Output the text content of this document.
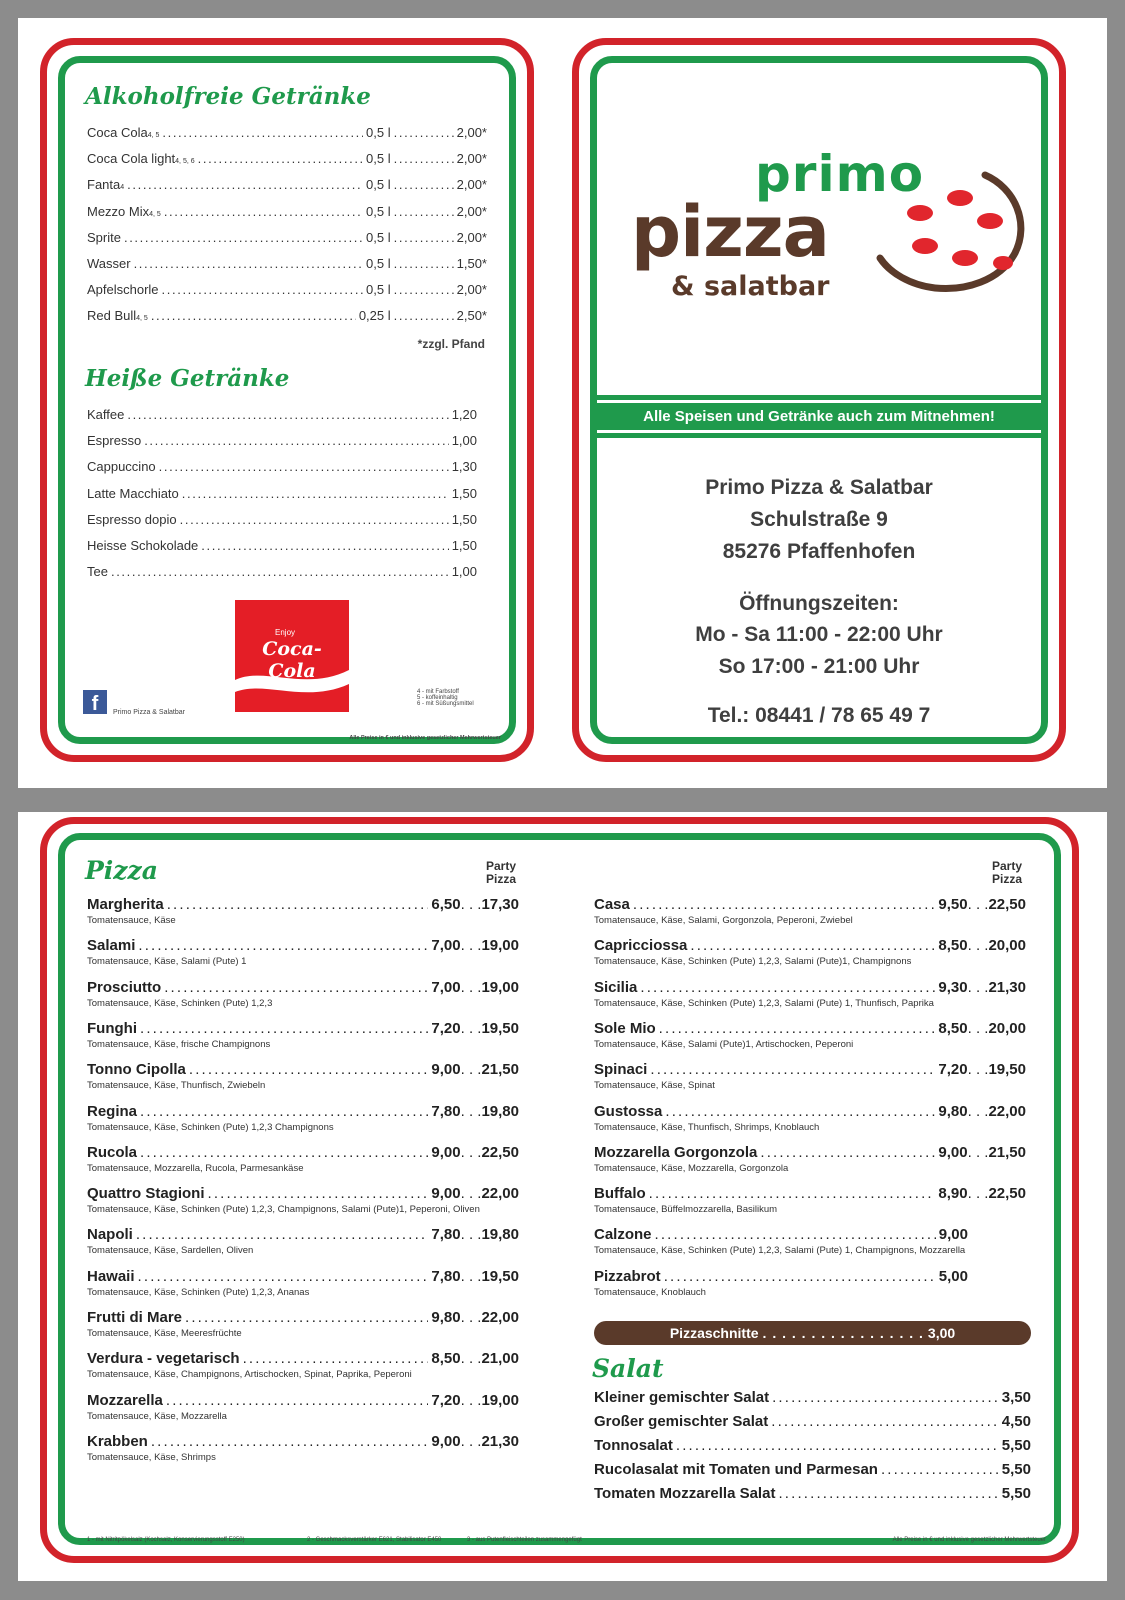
Alkoholfreie Getränke
Coca Cola$_{4, 5}$ . . .	0,5 l . . .	2,00*
Coca Cola light$_{4, 5, 6}$ . . .	0,5 l . . .	2,00*
Fanta$_4$ . . .	0,5 l . . .	2,00*
Mezzo Mix$_{4, 5}$ . . .	0,5 l . . .	2,00*
Sprite . . .	0,5 l . . .	2,00*
Wasser . . .	0,5 l . . .	1,50*
Apfelschorle . . .	0,5 l . . .	2,00*
Red Bull$_{4, 5}$ . . .	0,25 l . . .	2,50*
*zzgl. Pfand
Heiße Getränke
Kaffee . . .	1,20
Espresso . . .	1,00
Cappuccino . . .	1,30
Latte Macchiato . . .	1,50
Espresso dopio . . .	1,50
Heisse Schokolade . . .	1,50
Tee . . .	1,00
Enjoy
Coca-Cola
f	Primo Pizza & Salatbar
4 - mit Farbstoff
5 - koffeinhaltig
6 - mit Süßungsmittel
Alle Preise in € und inklusive gesetzlicher Mehrwertsteuer
primo
pizza
& salatbar
Alle Speisen und Getränke auch zum Mitnehmen!
Primo Pizza & Salatbar
Schulstraße 9
85276 Pfaffenhofen
Öffnungszeiten:
Mo - Sa 11:00 - 22:00 Uhr
So 17:00 - 21:00 Uhr
Tel.: 08441 / 78 65 49 7
Pizza	Party
Pizza
Party
Pizza
Margherita . . .	6,50 . . . 17,30
Tomatensauce, Käse
Salami . . .	7,00 . . . 19,00
Tomatensauce, Käse, Salami (Pute) 1
Prosciutto . . .	7,00 . . . 19,00
Tomatensauce, Käse, Schinken (Pute) 1,2,3
Funghi . . .	7,20 . . . 19,50
Tomatensauce, Käse, frische Champignons
Tonno Cipolla . . .	9,00 . . . 21,50
Tomatensauce, Käse, Thunfisch, Zwiebeln
Regina . . .	7,80 . . . 19,80
Tomatensauce, Käse, Schinken (Pute) 1,2,3 Champignons
Rucola . . .	9,00 . . . 22,50
Tomatensauce, Mozzarella, Rucola, Parmesankäse
Quattro Stagioni . . .	9,00 . . . 22,00
Tomatensauce, Käse, Schinken (Pute) 1,2,3, Champignons, Salami (Pute)1, Peperoni, Oliven
Napoli . . .	7,80 . . . 19,80
Tomatensauce, Käse, Sardellen, Oliven
Hawaii . . .	7,80 . . . 19,50
Tomatensauce, Käse, Schinken (Pute) 1,2,3, Ananas
Frutti di Mare . . .	9,80 . . . 22,00
Tomatensauce, Käse, Meeresfrüchte
Verdura - vegetarisch . . .	8,50 . . . 21,00
Tomatensauce, Käse, Champignons, Artischocken, Spinat, Paprika, Peperoni
Mozzarella . . .	7,20 . . . 19,00
Tomatensauce, Käse, Mozzarella
Krabben . . .	9,00 . . . 21,30
Tomatensauce, Käse, Shrimps
Casa . . .	9,50 . . . 22,50
Tomatensauce, Käse, Salami, Gorgonzola, Peperoni, Zwiebel
Capricciossa . . .	8,50 . . . 20,00
Tomatensauce, Käse, Schinken (Pute) 1,2,3, Salami (Pute)1, Champignons
Sicilia . . .	9,30 . . . 21,30
Tomatensauce, Käse, Schinken (Pute) 1,2,3, Salami (Pute) 1, Thunfisch, Paprika
Sole Mio . . .	8,50 . . . 20,00
Tomatensauce, Käse, Salami (Pute)1, Artischocken, Peperoni
Spinaci . . .	7,20 . . . 19,50
Tomatensauce, Käse, Spinat
Gustossa . . .	9,80 . . . 22,00
Tomatensauce, Käse, Thunfisch, Shrimps, Knoblauch
Mozzarella Gorgonzola . . .	9,00 . . . 21,50
Tomatensauce, Käse, Mozzarella, Gorgonzola
Buffalo . . .	8,90 . . . 22,50
Tomatensauce, Büffelmozzarella, Basilikum
Calzone . . .	9,00
Tomatensauce, Käse, Schinken (Pute) 1,2,3, Salami (Pute) 1, Champignons, Mozzarella
Pizzabrot . . .	5,00
Tomatensauce, Knoblauch
Pizzaschnitte . . . . . . . . . . . . . . . . . 3,00
Salat
Kleiner gemischter Salat . . .	3,50
Großer gemischter Salat . . .	4,50
Tonnosalat . . .	5,50
Rucolasalat mit Tomaten und Parmesan . . .	5,50
Tomaten Mozzarella Salat . . .	5,50
1 - mit Nitritpökelsalz (Kochsalz, Konservierungsstoff E250)	2 - Geschmacksverstärker E621, Stabilisator E450	3 - aus Putenfleischteilen zusammengefügt	Alle Preise in € und inklusive gesetzlicher Mehrwertsteuer
